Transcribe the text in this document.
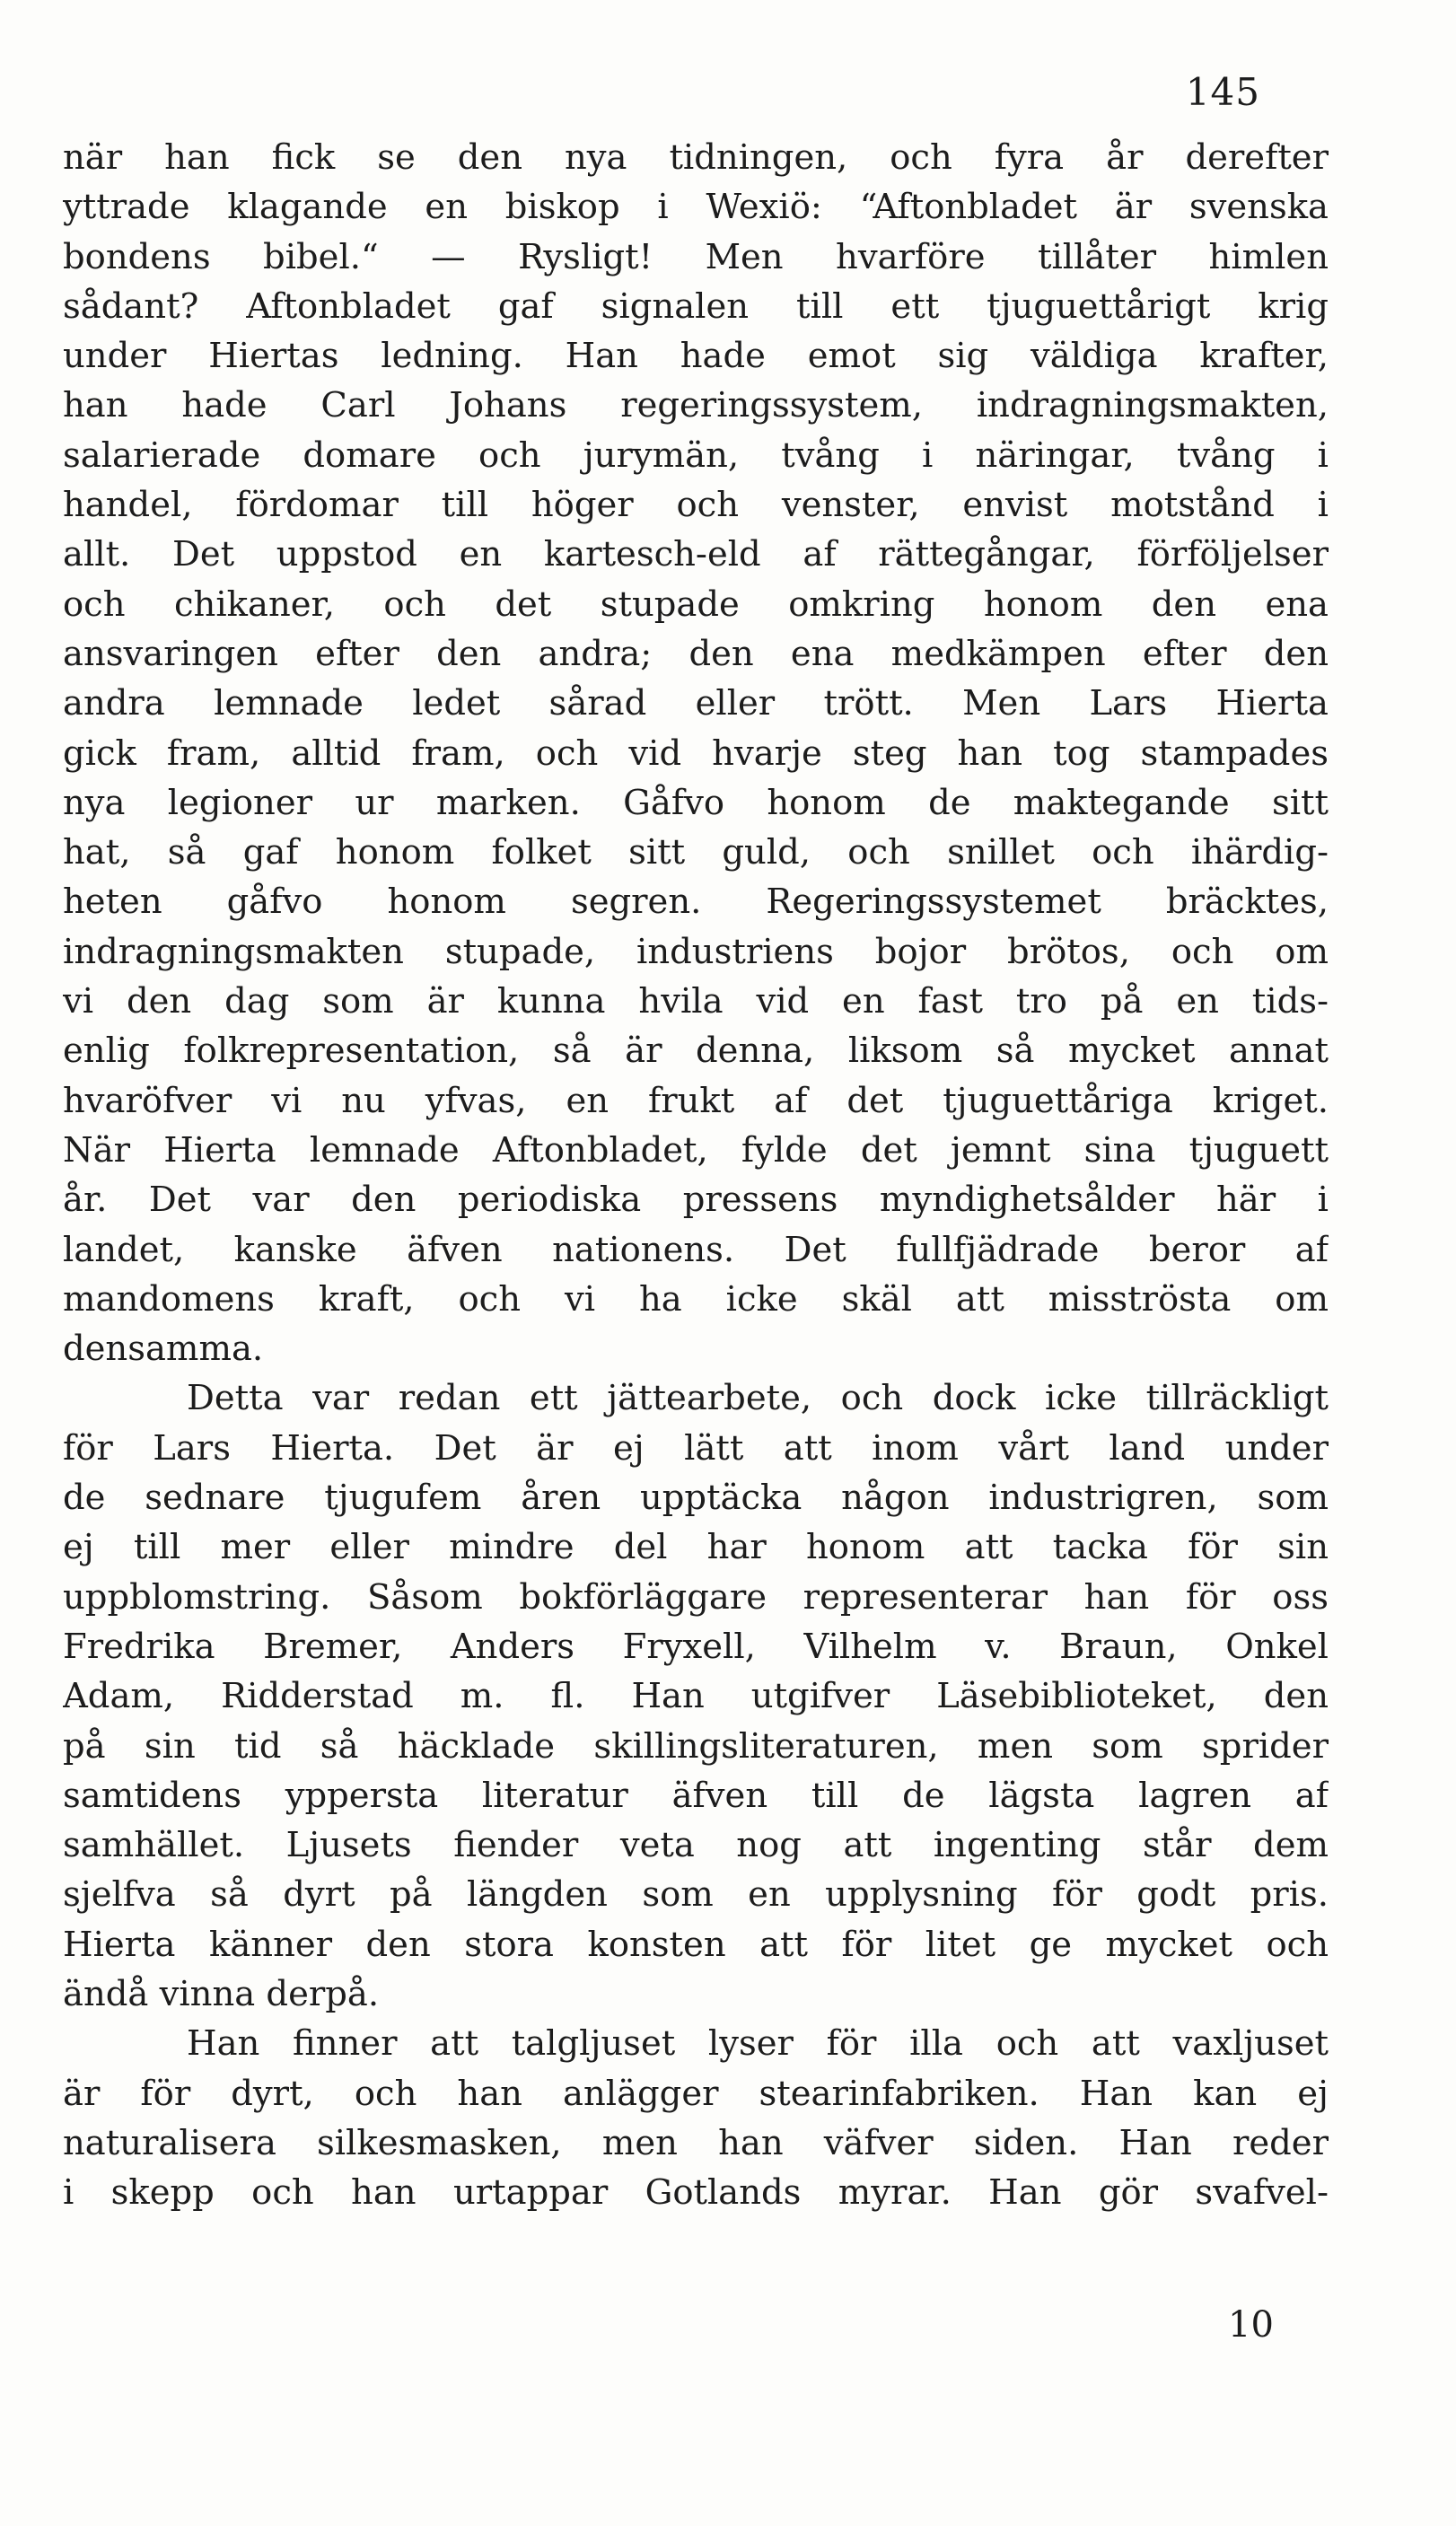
145
när han fick se den nya tidningen, och fyra år derefter
yttrade klagande en biskop i Wexiö: “Aftonbladet är svenska
bondens bibel.“ — Rysligt! Men hvarföre tillåter himlen
sådant? Aftonbladet gaf signalen till ett tjuguettårigt krig
under Hiertas ledning. Han hade emot sig väldiga krafter,
han hade Carl Johans regeringssystem, indragningsmakten,
salarierade domare och jurymän, tvång i näringar, tvång i
handel, fördomar till höger och venster, envist motstånd i
allt. Det uppstod en kartesch-eld af rättegångar, förföljelser
och chikaner, och det stupade omkring honom den ena
ansvaringen efter den andra; den ena medkämpen efter den
andra lemnade ledet sårad eller trött. Men Lars Hierta
gick fram, alltid fram, och vid hvarje steg han tog stampades
nya legioner ur marken. Gåfvo honom de maktegande sitt
hat, så gaf honom folket sitt guld, och snillet och ihärdig-
heten gåfvo honom segren. Regeringssystemet bräcktes,
indragningsmakten stupade, industriens bojor brötos, och om
vi den dag som är kunna hvila vid en fast tro på en tids-
enlig folkrepresentation, så är denna, liksom så mycket annat
hvaröfver vi nu yfvas, en frukt af det tjuguettåriga kriget.
När Hierta lemnade Aftonbladet, fylde det jemnt sina tjuguett
år. Det var den periodiska pressens myndighetsålder här i
landet, kanske äfven nationens. Det fullfjädrade beror af
mandomens kraft, och vi ha icke skäl att misströsta om
densamma.
Detta var redan ett jättearbete, och dock icke tillräckligt
för Lars Hierta. Det är ej lätt att inom vårt land under
de sednare tjugufem åren upptäcka någon industrigren, som
ej till mer eller mindre del har honom att tacka för sin
uppblomstring. Såsom bokförläggare representerar han för oss
Fredrika Bremer, Anders Fryxell, Vilhelm v. Braun, Onkel
Adam, Ridderstad m. fl. Han utgifver Läsebiblioteket, den
på sin tid så häcklade skillingsliteraturen, men som sprider
samtidens yppersta literatur äfven till de lägsta lagren af
samhället. Ljusets fiender veta nog att ingenting står dem
sjelfva så dyrt på längden som en upplysning för godt pris.
Hierta känner den stora konsten att för litet ge mycket och
ändå vinna derpå.
Han finner att talgljuset lyser för illa och att vaxljuset
är för dyrt, och han anlägger stearinfabriken. Han kan ej
naturalisera silkesmasken, men han väfver siden. Han reder
i skepp och han urtappar Gotlands myrar. Han gör svafvel-
10
